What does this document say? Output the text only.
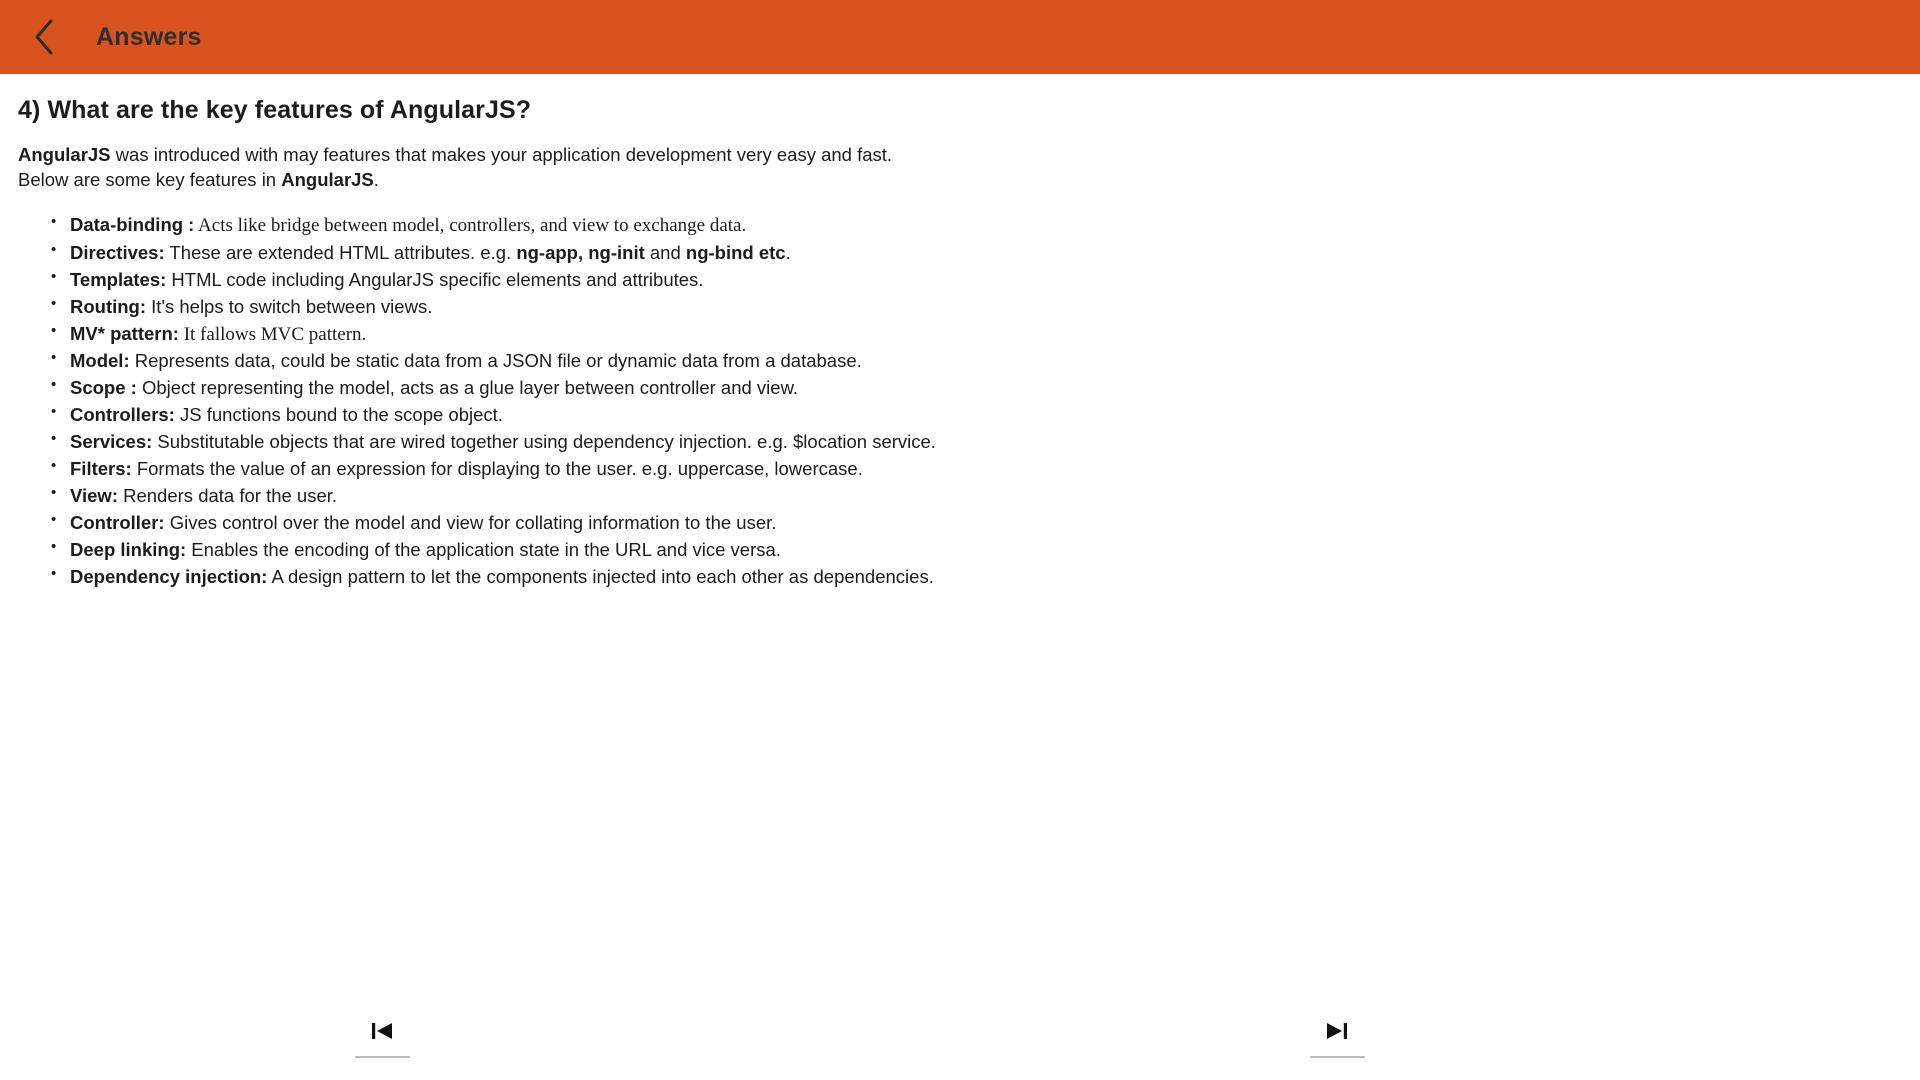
Answers
4) What are the key features of AngularJS?

AngularJS was introduced with may features that makes your application development very easy and fast.
Below are some key features in AngularJS.

• Data-binding : Acts like bridge between model, controllers, and view to exchange data.
• Directives: These are extended HTML attributes. e.g. ng-app, ng-init and ng-bind etc.
• Templates: HTML code including AngularJS specific elements and attributes.
• Routing: It's helps to switch between views.
• MV* pattern: It fallows MVC pattern.
• Model: Represents data, could be static data from a JSON file or dynamic data from a database.
• Scope : Object representing the model, acts as a glue layer between controller and view.
• Controllers: JS functions bound to the scope object.
• Services: Substitutable objects that are wired together using dependency injection. e.g. $location service.
• Filters: Formats the value of an expression for displaying to the user. e.g. uppercase, lowercase.
• View: Renders data for the user.
• Controller: Gives control over the model and view for collating information to the user.
• Deep linking: Enables the encoding of the application state in the URL and vice versa.
• Dependency injection: A design pattern to let the components injected into each other as dependencies.
